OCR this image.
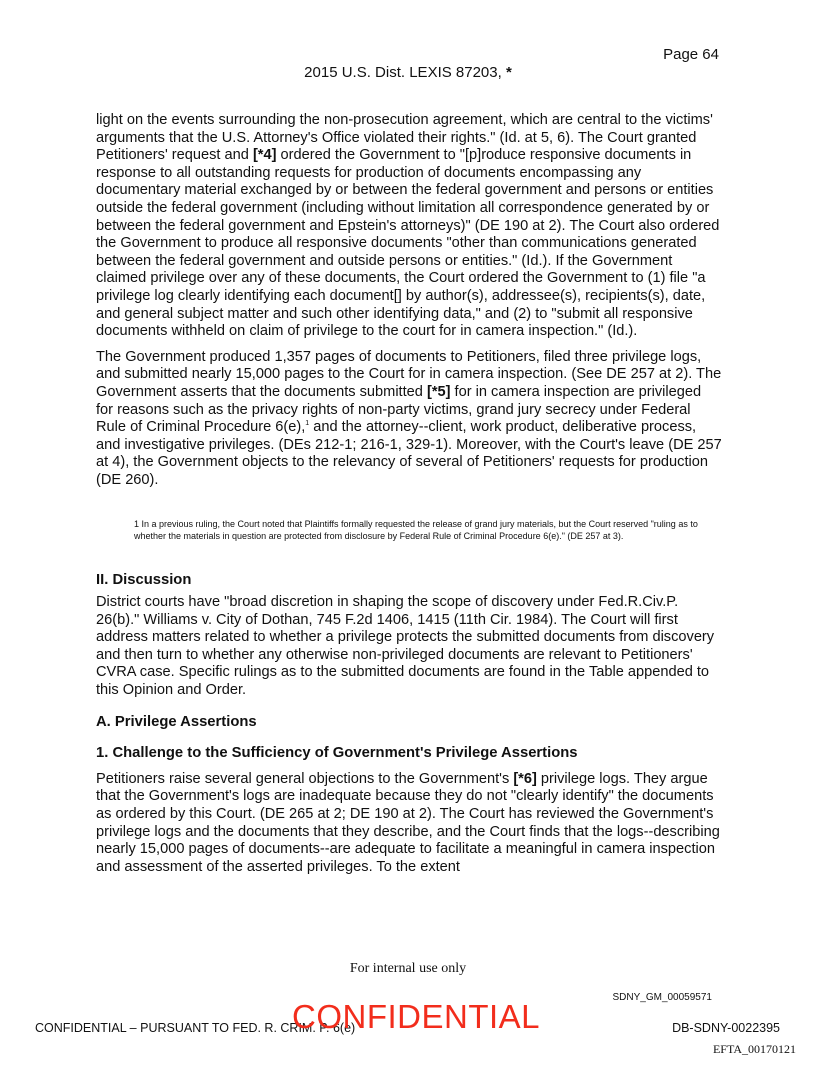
Page 64
2015 U.S. Dist. LEXIS 87203, *

light on the events surrounding the non-prosecution agreement, which are central to the victims' arguments that the U.S. Attorney's Office violated their rights." (Id. at 5, 6). The Court granted Petitioners' request and [*4] ordered the Government to "[p]roduce responsive documents in response to all outstanding requests for production of documents encompassing any documentary material exchanged by or between the federal government and persons or entities outside the federal government (including without limitation all correspondence generated by or between the federal government and Epstein's attorneys)" (DE 190 at 2). The Court also ordered the Government to produce all responsive documents "other than communications generated between the federal government and outside persons or entities." (Id.). If the Government claimed privilege over any of these documents, the Court ordered the Government to (1) file "a privilege log clearly identifying each document[] by author(s), addressee(s), recipients(s), date, and general subject matter and such other identifying data," and (2) to "submit all responsive documents withheld on claim of privilege to the court for in camera inspection." (Id.).

The Government produced 1,357 pages of documents to Petitioners, filed three privilege logs, and submitted nearly 15,000 pages to the Court for in camera inspection. (See DE 257 at 2). The Government asserts that the documents submitted [*5] for in camera inspection are privileged for reasons such as the privacy rights of non-party victims, grand jury secrecy under Federal Rule of Criminal Procedure 6(e),$^1$ and the attorney--client, work product, deliberative process, and investigative privileges. (DEs 212-1; 216-1, 329-1). Moreover, with the Court's leave (DE 257 at 4), the Government objects to the relevancy of several of Petitioners' requests for production (DE 260).

1 In a previous ruling, the Court noted that Plaintiffs formally requested the release of grand jury materials, but the Court reserved "ruling as to whether the materials in question are protected from disclosure by Federal Rule of Criminal Procedure 6(e)." (DE 257 at 3).
II. Discussion

District courts have "broad discretion in shaping the scope of discovery under Fed.R.Civ.P. 26(b)." Williams v. City of Dothan, 745 F.2d 1406, 1415 (11th Cir. 1984). The Court will first address matters related to whether a privilege protects the submitted documents from discovery and then turn to whether any otherwise non-privileged documents are relevant to Petitioners' CVRA case. Specific rulings as to the submitted documents are found in the Table appended to this Opinion and Order.

A. Privilege Assertions
1. Challenge to the Sufficiency of Government's Privilege Assertions

Petitioners raise several general objections to the Government's [*6] privilege logs. They argue that the Government's logs are inadequate because they do not "clearly identify" the documents as ordered by this Court. (DE 265 at 2; DE 190 at 2). The Court has reviewed the Government's privilege logs and the documents that they describe, and the Court finds that the logs--describing nearly 15,000 pages of documents--are adequate to facilitate a meaningful in camera inspection and assessment of the asserted privileges. To the extent

For internal use only
SDNY_GM_00059571
CONFIDENTIAL – PURSUANT TO FED. R. CRIM. P. 6(e)
CONFIDENTIAL	DB-SDNY-0022395
EFTA_00170121
